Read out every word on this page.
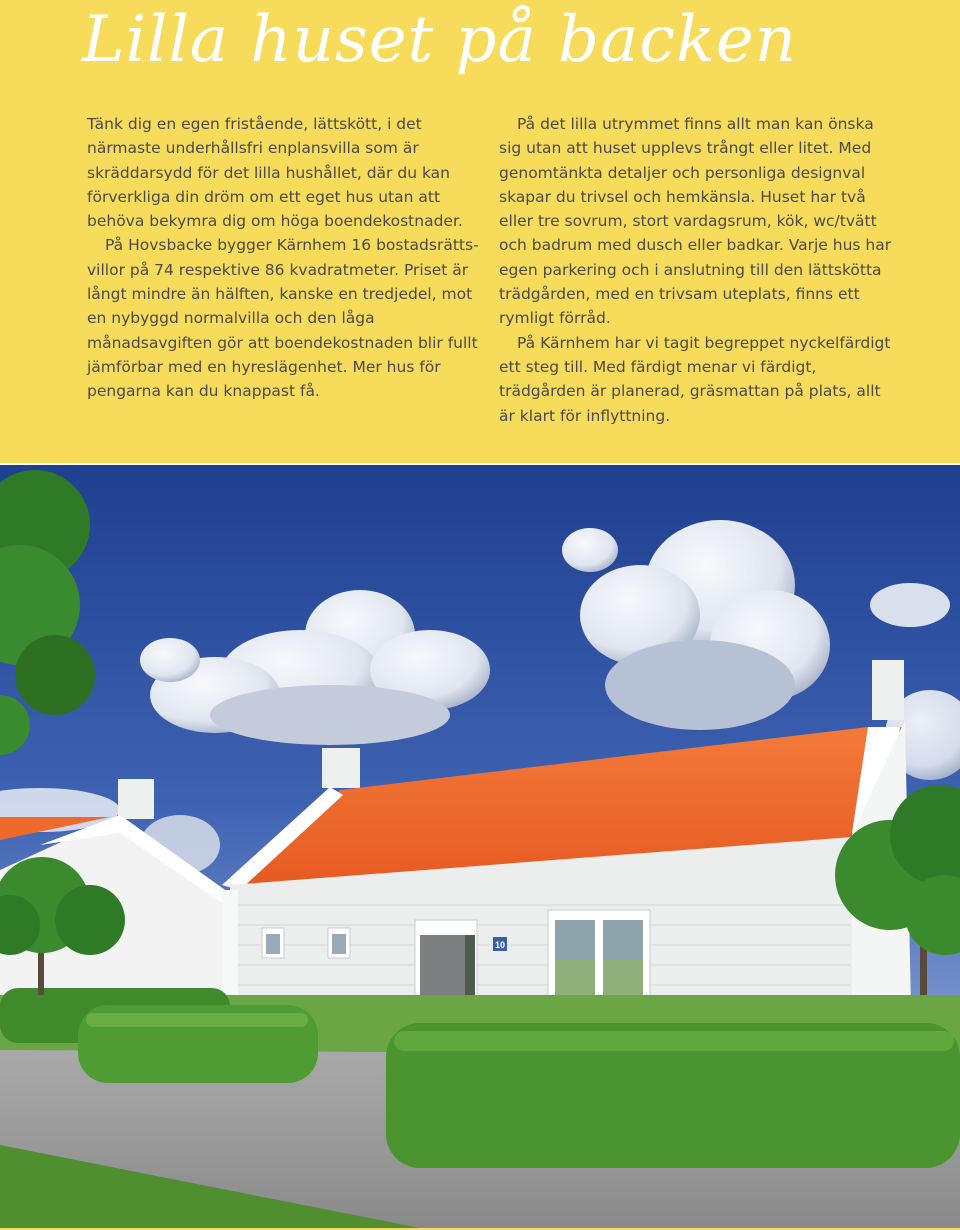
Lilla huset på backen

Tänk dig en egen fristående, lättskött, i det närmaste underhållsfri enplansvilla som är skräddarsydd för det lilla hushållet, där du kan förverkliga din dröm om ett eget hus utan att behöva bekymra dig om höga boendekostnader.

På Hovsbacke bygger Kärnhem 16 bostadsrättsvillor på 74 respektive 86 kvadratmeter. Priset är långt mindre än hälften, kanske en tredjedel, mot en nybyggd normalvilla och den låga månadsavgiften gör att boendekostnaden blir fullt jämförbar med en hyreslägenhet. Mer hus för pengarna kan du knappast få.

På det lilla utrymmet finns allt man kan önska sig utan att huset upplevs trångt eller litet. Med genomtänkta detaljer och personliga designval skapar du trivsel och hemkänsla. Huset har två eller tre sovrum, stort vardagsrum, kök, wc/tvätt och badrum med dusch eller badkar. Varje hus har egen parkering och i anslutning till den lättskötta trädgården, med en trivsam uteplats, finns ett rymligt förråd.

På Kärnhem har vi tagit begreppet nyckelfärdigt ett steg till. Med färdigt menar vi färdigt, trädgården är planerad, gräsmattan på plats, allt är klart för inflyttning.

10
